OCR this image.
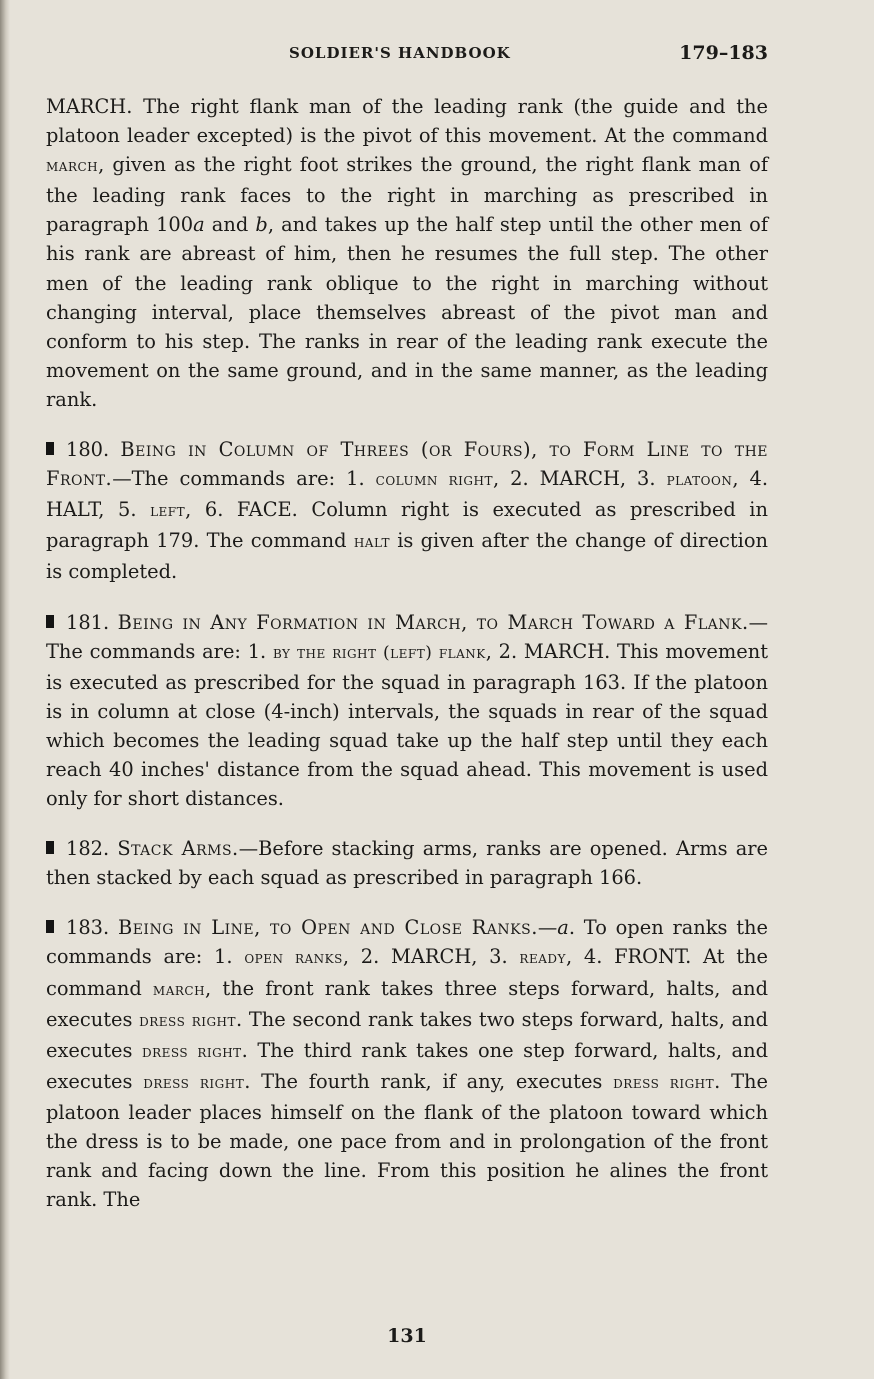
SOLDIER'S HANDBOOK	179–183

MARCH. The right flank man of the leading rank (the guide and the platoon leader excepted) is the pivot of this movement. At the command march, given as the right foot strikes the ground, the right flank man of the leading rank faces to the right in marching as prescribed in paragraph 100a and b, and takes up the half step until the other men of his rank are abreast of him, then he resumes the full step. The other men of the leading rank oblique to the right in marching without changing interval, place themselves abreast of the pivot man and conform to his step. The ranks in rear of the leading rank execute the movement on the same ground, and in the same manner, as the leading rank.

180. Being in Column of Threes (or Fours), to Form Line to the Front.—The commands are: 1. column right, 2. MARCH, 3. platoon, 4. HALT, 5. left, 6. FACE. Column right is executed as prescribed in paragraph 179. The command halt is given after the change of direction is completed.

181. Being in Any Formation in March, to March Toward a Flank.—The commands are: 1. by the right (left) flank, 2. MARCH. This movement is executed as prescribed for the squad in paragraph 163. If the platoon is in column at close (4-inch) intervals, the squads in rear of the squad which becomes the leading squad take up the half step until they each reach 40 inches' distance from the squad ahead. This movement is used only for short distances.

182. Stack Arms.—Before stacking arms, ranks are opened. Arms are then stacked by each squad as prescribed in paragraph 166.

183. Being in Line, to Open and Close Ranks.—a. To open ranks the commands are: 1. open ranks, 2. MARCH, 3. ready, 4. FRONT. At the command march, the front rank takes three steps forward, halts, and executes dress right. The second rank takes two steps forward, halts, and executes dress right. The third rank takes one step forward, halts, and executes dress right. The fourth rank, if any, executes dress right. The platoon leader places himself on the flank of the platoon toward which the dress is to be made, one pace from and in prolongation of the front rank and facing down the line. From this position he alines the front rank. The

131
